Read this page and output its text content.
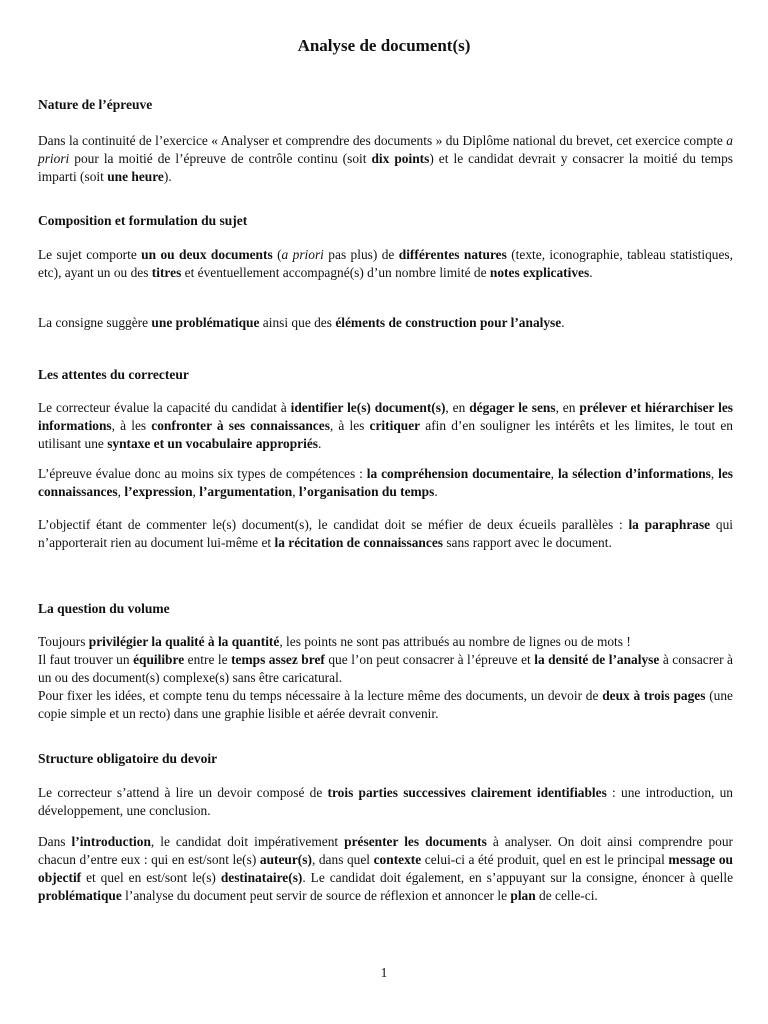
Analyse de document(s)
Nature de l’épreuve

Dans la continuité de l’exercice « Analyser et comprendre des documents » du Diplôme national du brevet, cet exercice compte a priori pour la moitié de l’épreuve de contrôle continu (soit dix points) et le candidat devrait y consacrer la moitié du temps imparti (soit une heure).

Composition et formulation du sujet

Le sujet comporte un ou deux documents (a priori pas plus) de différentes natures (texte, iconographie, tableau statistiques, etc), ayant un ou des titres et éventuellement accompagné(s) d’un nombre limité de notes explicatives.

La consigne suggère une problématique ainsi que des éléments de construction pour l’analyse.

Les attentes du correcteur

Le correcteur évalue la capacité du candidat à identifier le(s) document(s), en dégager le sens, en prélever et hiérarchiser les informations, à les confronter à ses connaissances, à les critiquer afin d’en souligner les intérêts et les limites, le tout en utilisant une syntaxe et un vocabulaire appropriés.

L’épreuve évalue donc au moins six types de compétences : la compréhension documentaire, la sélection d’informations, les connaissances, l’expression, l’argumentation, l’organisation du temps.

L’objectif étant de commenter le(s) document(s), le candidat doit se méfier de deux écueils parallèles : la paraphrase qui n’apporterait rien au document lui-même et la récitation de connaissances sans rapport avec le document.

La question du volume

Toujours privilégier la qualité à la quantité, les points ne sont pas attribués au nombre de lignes ou de mots !
Il faut trouver un équilibre entre le temps assez bref que l’on peut consacrer à l’épreuve et la densité de l’analyse à consacrer à un ou des document(s) complexe(s) sans être caricatural.
Pour fixer les idées, et compte tenu du temps nécessaire à la lecture même des documents, un devoir de deux à trois pages (une copie simple et un recto) dans une graphie lisible et aérée devrait convenir.

Structure obligatoire du devoir

Le correcteur s’attend à lire un devoir composé de trois parties successives clairement identifiables : une introduction, un développement, une conclusion.

Dans l’introduction, le candidat doit impérativement présenter les documents à analyser. On doit ainsi comprendre pour chacun d’entre eux : qui en est/sont le(s) auteur(s), dans quel contexte celui-ci a été produit, quel en est le principal message ou objectif et quel en est/sont le(s) destinataire(s). Le candidat doit également, en s’appuyant sur la consigne, énoncer à quelle problématique l’analyse du document peut servir de source de réflexion et annoncer le plan de celle-ci.

1
